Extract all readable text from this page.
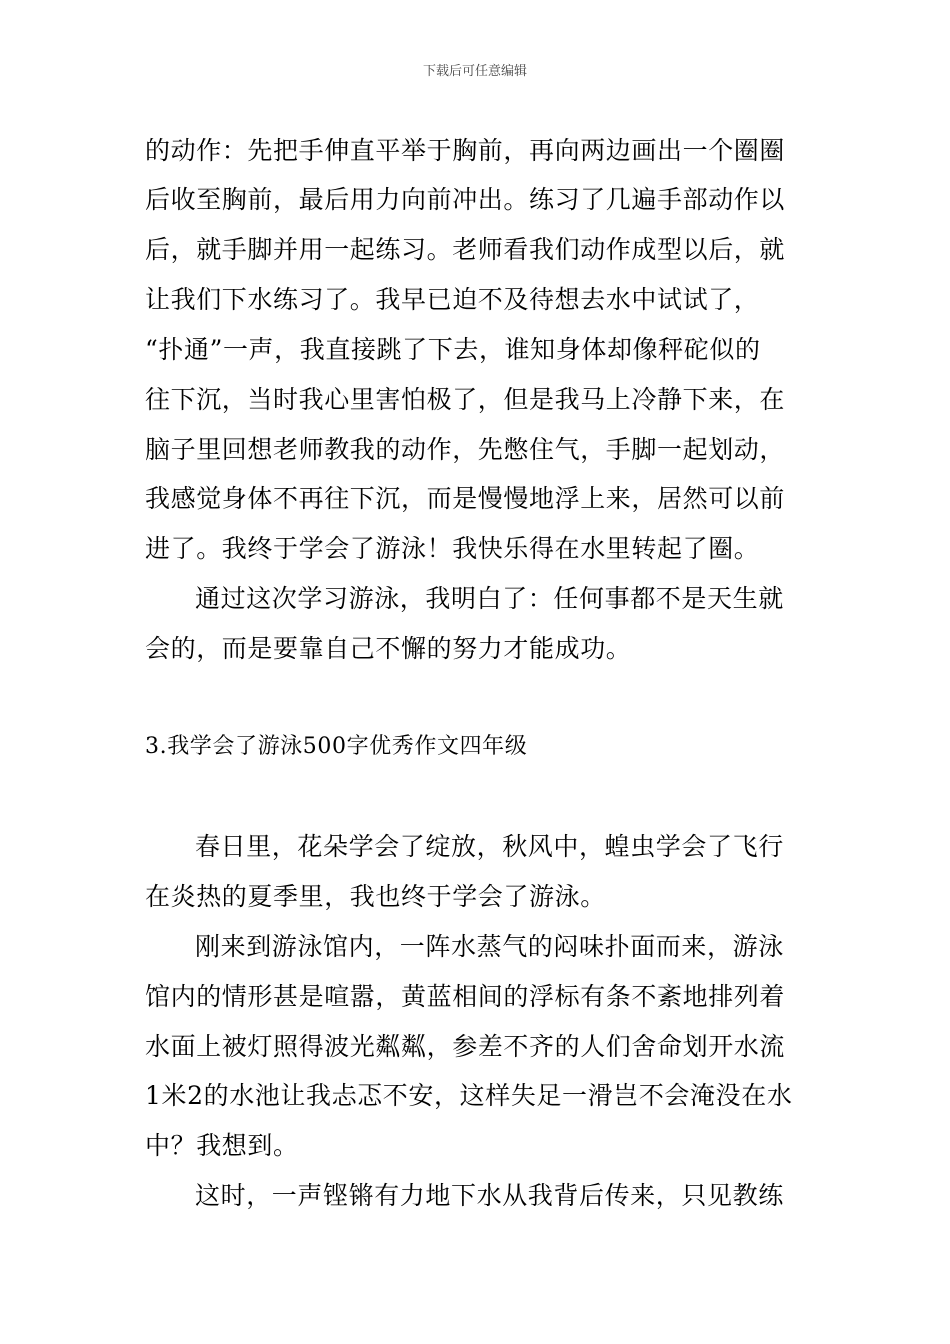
下载后可任意编辑
的动作：先把手伸直平举于胸前，再向两边画出一个圈圈
后收至胸前，最后用力向前冲出。练习了几遍手部动作以
后，就手脚并用一起练习。老师看我们动作成型以后，就
让我们下水练习了。我早已迫不及待想去水中试试了，
“扑通”一声，我直接跳了下去，谁知身体却像秤砣似的
往下沉，当时我心里害怕极了，但是我马上冷静下来，在
脑子里回想老师教我的动作，先憋住气，手脚一起划动，
我感觉身体不再往下沉，而是慢慢地浮上来，居然可以前
进了。我终于学会了游泳！我快乐得在水里转起了圈。
通过这次学习游泳，我明白了：任何事都不是天生就
会的，而是要靠自己不懈的努力才能成功。
3.我学会了游泳500字优秀作文四年级
春日里，花朵学会了绽放，秋风中，蝗虫学会了飞行
在炎热的夏季里，我也终于学会了游泳。
刚来到游泳馆内，一阵水蒸气的闷味扑面而来，游泳
馆内的情形甚是喧嚣，黄蓝相间的浮标有条不紊地排列着
水面上被灯照得波光粼粼，参差不齐的人们舍命划开水流
1米2的水池让我忐忑不安，这样失足一滑岂不会淹没在水
中？我想到。
这时，一声铿锵有力地下水从我背后传来，只见教练
